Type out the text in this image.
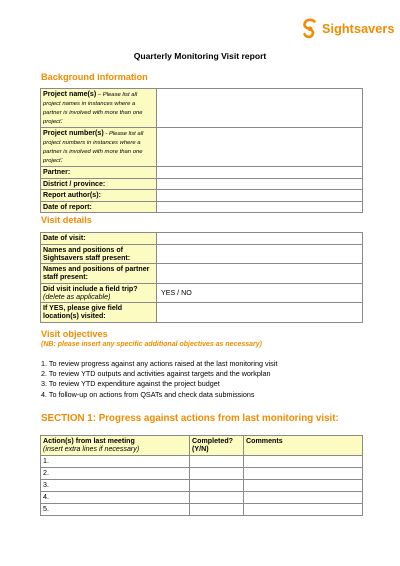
Sightsavers
Quarterly Monitoring Visit report
Background information
Project name(s) – Please list all project names in instances where a partner is involved with more than one project:	
Project number(s) - Please list all project numbers in instances where a partner is involved with more than one project:	
Partner:	
District / province:	
Report author(s):	
Date of report:	
Visit details
Date of visit:	
Names and positions of Sightsavers staff present:	
Names and positions of partner staff present:	
Did visit include a field trip?
(delete as applicable)	YES / NO
If YES, please give field location(s) visited:	
Visit objectives
(NB: please insert any specific additional objectives as necessary)
1. To review progress against any actions raised at the last monitoring visit
2. To review YTD outputs and activities against targets and the workplan
3. To review YTD expenditure against the project budget
4. To follow-up on actions from QSATs and check data submissions
SECTION 1: Progress against actions from last monitoring visit:
Action(s) from last meeting
(insert extra lines if necessary)	Completed? (Y/N)	Comments
1.		
2.		
3.		
4.		
5.		
